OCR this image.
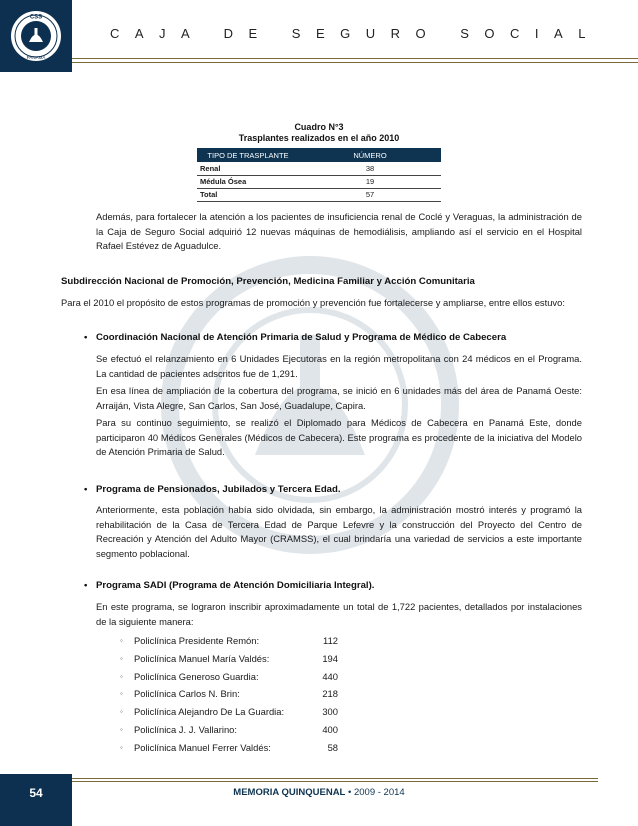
CSS
PANAMÁ
CAJA DE SEGURO SOCIAL
Cuadro N°3
Trasplantes realizados en el año 2010
TIPO DE TRASPLANTE	NÚMERO
Renal	38
Médula Ósea	19
Total	57
Además, para fortalecer la atención a los pacientes de insuficiencia renal de Coclé y Veraguas, la administración de la Caja de Seguro Social adquirió 12 nuevas máquinas de hemodiálisis, ampliando así el servicio en el Hospital Rafael Estévez de Aguadulce.
Subdirección Nacional de Promoción, Prevención, Medicina Familiar y Acción Comunitaria
Para el 2010 el propósito de estos programas de promoción y prevención fue fortalecerse y ampliarse, entre ellos estuvo:
• Coordinación Nacional de Atención Primaria de Salud y Programa de Médico de Cabecera
Se efectuó el relanzamiento en 6 Unidades Ejecutoras en la región metropolitana con 24 médicos en el Programa. La cantidad de pacientes adscritos fue de 1,291.
En esa línea de ampliación de la cobertura del programa, se inició en 6 unidades más del área de Panamá Oeste: Arraiján, Vista Alegre, San Carlos, San José, Guadalupe, Capira.
Para su continuo seguimiento, se realizó el Diplomado para Médicos de Cabecera en Panamá Este, donde participaron 40 Médicos Generales (Médicos de Cabecera). Este programa es procedente de la iniciativa del Modelo de Atención Primaria de Salud.
• Programa de Pensionados, Jubilados y Tercera Edad.
Anteriormente, esta población había sido olvidada, sin embargo, la administración mostró interés y programó la rehabilitación de la Casa de Tercera Edad de Parque Lefevre y la construcción del Proyecto del Centro de Recreación y Atención del Adulto Mayor (CRAMSS), el cual brindaría una variedad de servicios a este importante segmento poblacional.
• Programa SADI (Programa de Atención Domiciliaria Integral).
En este programa, se lograron inscribir aproximadamente un total de 1,722 pacientes, detallados por instalaciones de la siguiente manera:
◦ Policlínica Presidente Remón:	112
◦ Policlínica Manuel María Valdés:	194
◦ Policlínica Generoso Guardia:	440
◦ Policlínica Carlos N. Brin:	218
◦ Policlínica Alejandro De La Guardia:	300
◦ Policlínica J. J. Vallarino:	400
◦ Policlínica Manuel Ferrer Valdés:	58
54	MEMORIA QUINQUENAL • 2009 - 2014
